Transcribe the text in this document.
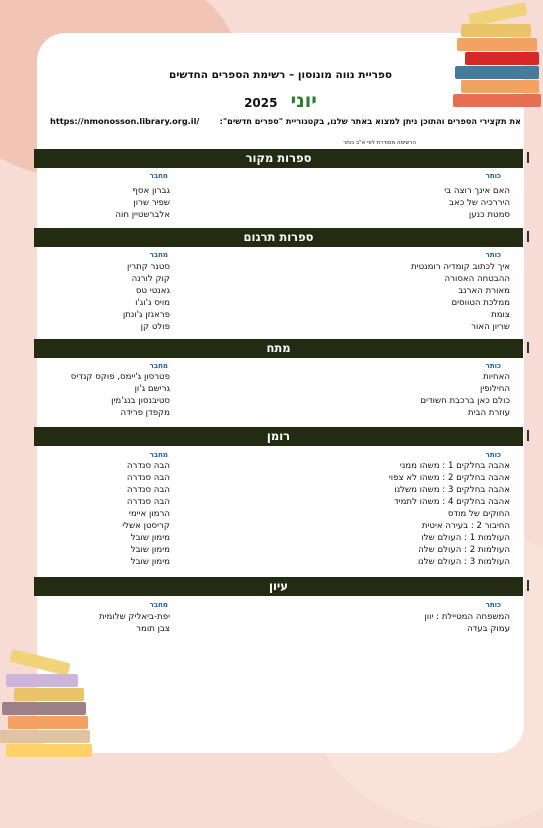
ספריית נווה מונוסון – רשימת הספרים החדשים
יוני 2025
את תקצירי הספרים והתוכן ניתן למצוא באתר שלנו, בקטגוריית "ספרים חדשים":
https://nmonosson.library.org.il/
הרשימה מסודרת לפי א"ב כותר
ספרות מקור
כותר
מחבר
האם אינך רוצה בי
גברון אסף
היררכיה של כאב
שפיר שרון
סמטת כנען
אלברשטיין חוה
ספרות תרגום
כותר
מחבר
איך לכתוב קומדיה רומנטית
סטנר קתרין
ההבטחה האסורה
קוק לורנה
מאורת הארנב
גאנטי טס
ממלכת הטווסים
מויס ג'וג'ו
צומת
פראנזן ג'ונתן
שריון האור
פולט קן
מתח
כותר
מחבר
האחיות
פטרסון ג'יימס, פוקס קנדיס
החילופין
גרישם ג'ון
כולם כאן ברכבת חשודים
סטיבנסון בנג'מין
עוזרת הבית
מקפדן פרידה
רומן
כותר
מחבר
אהבה בחלקים 1 : משהו ממני
הבה סנדרה
אהבה בחלקים 2 : משהו לא צפוי
הבה סנדרה
אהבה בחלקים 3 : משהו משלנו
הבה סנדרה
אהבה בחלקים 4 : משהו לתמיד
הבה סנדרה
החוקים של מודס
הרמון איימי
החיבור 2 : בעירה איטית
קריסטן אשלי
העולמות 1 : העולם שלו
מימון שובל
העולמות 2 : העולם שלה
מימון שובל
העולמות 3 : העולם שלנו
מימון שובל
עיון
כותר
מחבר
המשפחה המטיילת : יוון
יפת-ביאליק שלומית
עמוק בעדה
צבן תומר
